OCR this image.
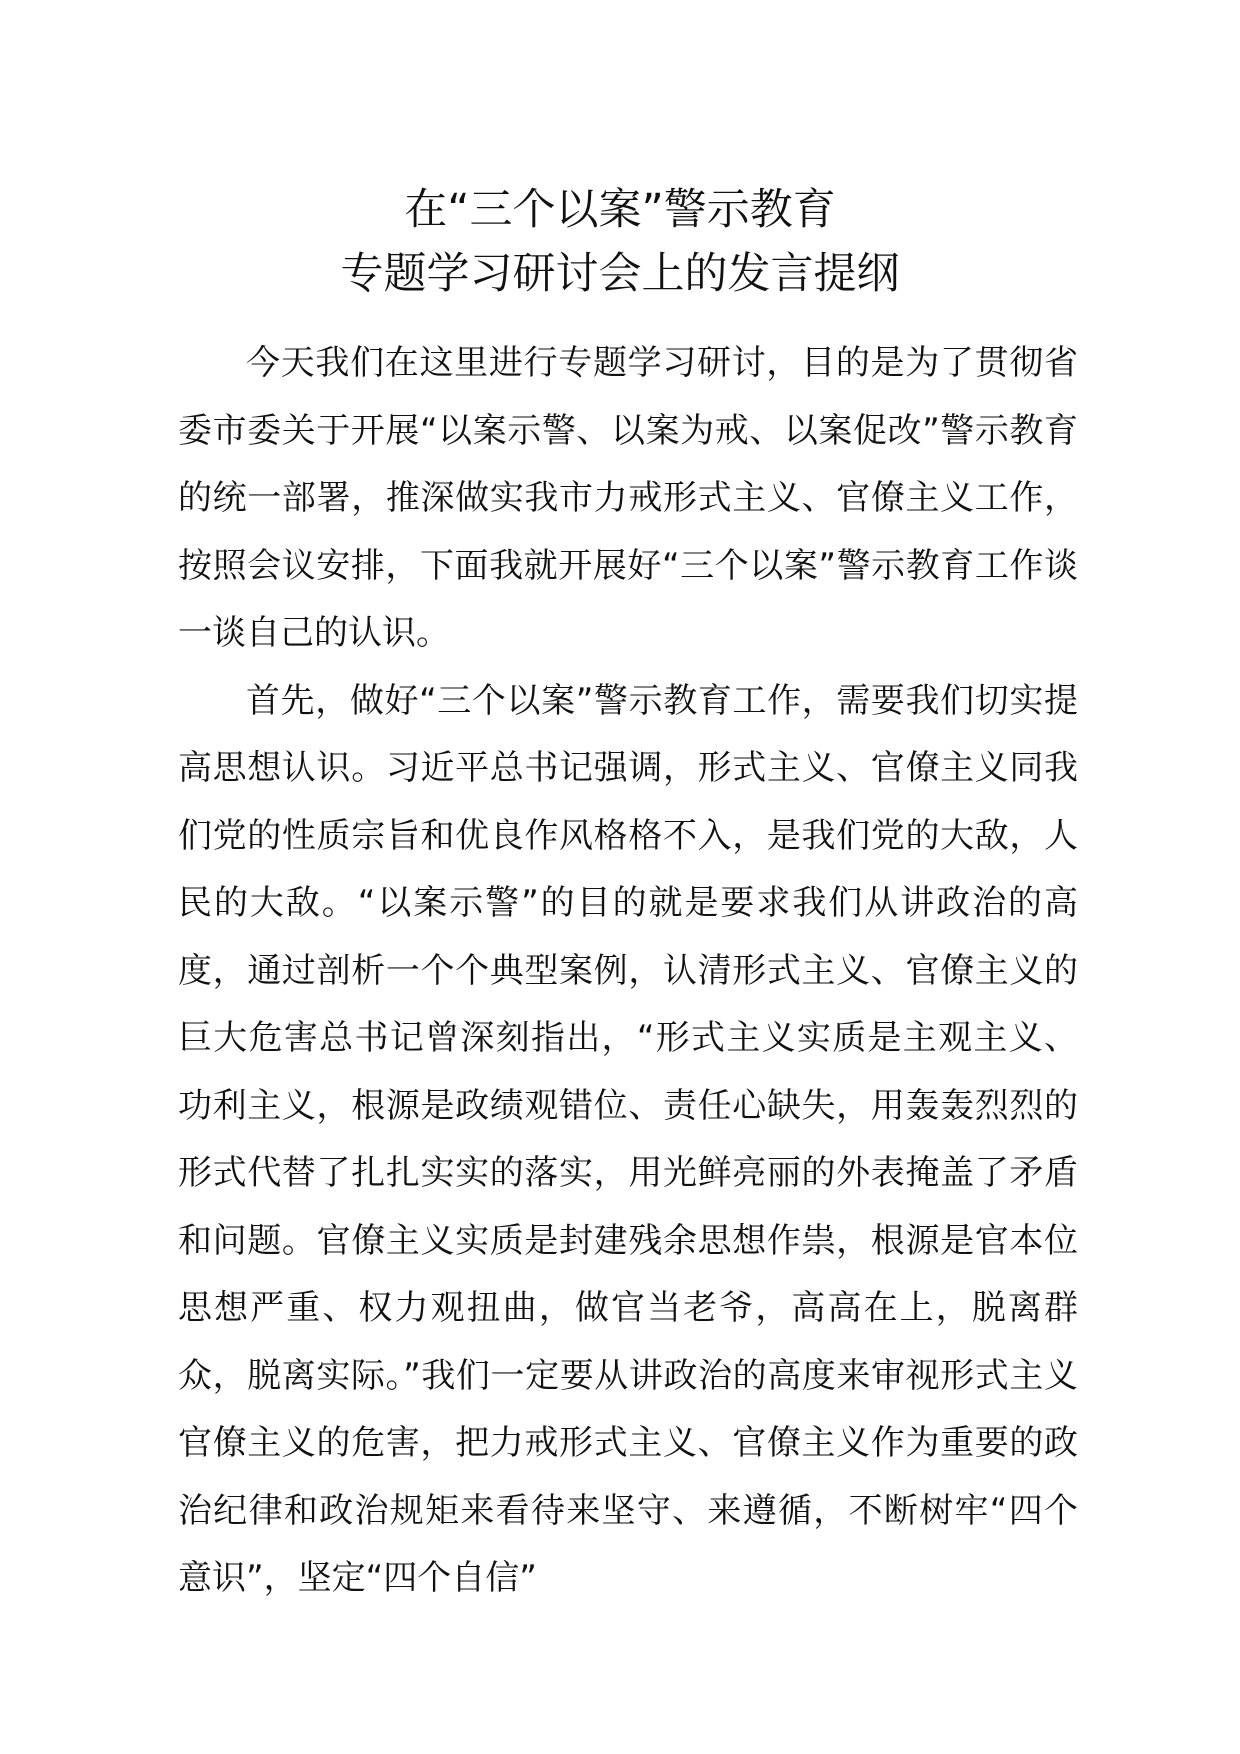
在“三个以案”警示教育
专题学习研讨会上的发言提纲

今天我们在这里进行专题学习研讨，目的是为了贯彻省委市委关于开展“以案示警、以案为戒、以案促改”警示教育的统一部署，推深做实我市力戒形式主义、官僚主义工作，按照会议安排，下面我就开展好“三个以案”警示教育工作谈一谈自己的认识。

首先，做好“三个以案”警示教育工作，需要我们切实提高思想认识。习近平总书记强调，形式主义、官僚主义同我们党的性质宗旨和优良作风格格不入，是我们党的大敌，人民的大敌。“以案示警”的目的就是要求我们从讲政治的高度，通过剖析一个个典型案例，认清形式主义、官僚主义的巨大危害总书记曾深刻指出，“形式主义实质是主观主义、功利主义，根源是政绩观错位、责任心缺失，用轰轰烈烈的形式代替了扎扎实实的落实，用光鲜亮丽的外表掩盖了矛盾和问题。官僚主义实质是封建残余思想作祟，根源是官本位思想严重、权力观扭曲，做官当老爷，高高在上，脱离群众，脱离实际。”我们一定要从讲政治的高度来审视形式主义官僚主义的危害，把力戒形式主义、官僚主义作为重要的政治纪律和政治规矩来看待来坚守、来遵循，不断树牢“四个意识”，坚定“四个自信”
